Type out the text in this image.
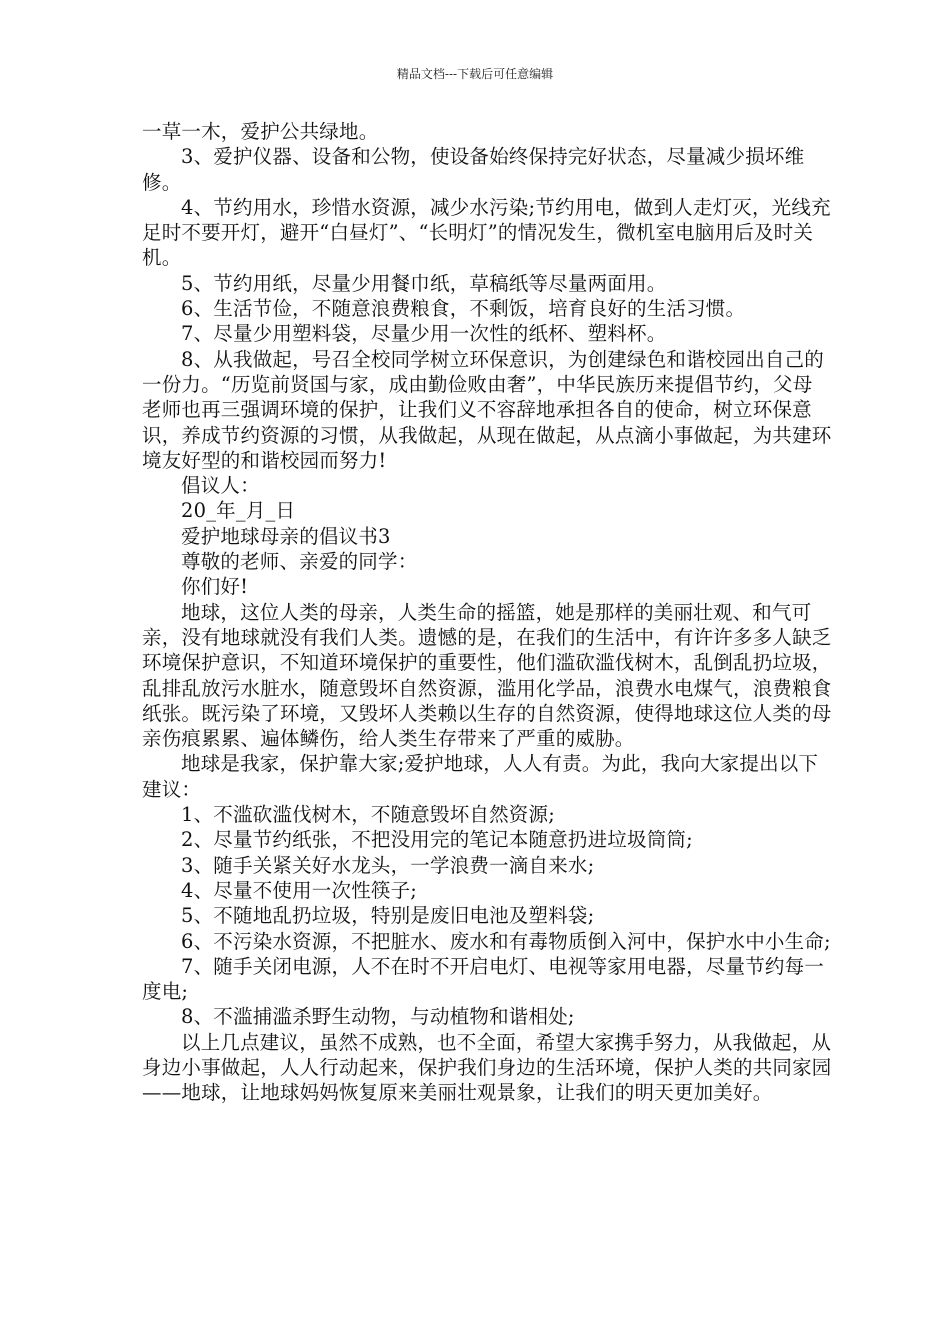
精品文档---下载后可任意编辑

一草一木，爱护公共绿地。

3、爱护仪器、设备和公物，使设备始终保持完好状态，尽量减少损坏维修。

4、节约用水，珍惜水资源，减少水污染;节约用电，做到人走灯灭，光线充足时不要开灯，避开“白昼灯”、“长明灯”的情况发生，微机室电脑用后及时关机。

5、节约用纸，尽量少用餐巾纸，草稿纸等尽量两面用。

6、生活节俭，不随意浪费粮食，不剩饭，培育良好的生活习惯。

7、尽量少用塑料袋，尽量少用一次性的纸杯、塑料杯。

8、从我做起，号召全校同学树立环保意识，为创建绿色和谐校园出自己的一份力。“历览前贤国与家，成由勤俭败由奢”，中华民族历来提倡节约，父母老师也再三强调环境的保护，让我们义不容辞地承担各自的使命，树立环保意识，养成节约资源的习惯，从我做起，从现在做起，从点滴小事做起，为共建环境友好型的和谐校园而努力!

倡议人：

20_年_月_日

爱护地球母亲的倡议书3

尊敬的老师、亲爱的同学：

你们好!

地球，这位人类的母亲，人类生命的摇篮，她是那样的美丽壮观、和气可亲，没有地球就没有我们人类。遗憾的是，在我们的生活中，有许许多多人缺乏环境保护意识，不知道环境保护的重要性，他们滥砍滥伐树木，乱倒乱扔垃圾，乱排乱放污水脏水，随意毁坏自然资源，滥用化学品，浪费水电煤气，浪费粮食纸张。既污染了环境，又毁坏人类赖以生存的自然资源，使得地球这位人类的母亲伤痕累累、遍体鳞伤，给人类生存带来了严重的威胁。

地球是我家，保护靠大家;爱护地球，人人有责。为此，我向大家提出以下建议：

1、不滥砍滥伐树木，不随意毁坏自然资源;

2、尽量节约纸张，不把没用完的笔记本随意扔进垃圾筒筒;

3、随手关紧关好水龙头，一学浪费一滴自来水;

4、尽量不使用一次性筷子;

5、不随地乱扔垃圾，特别是废旧电池及塑料袋;

6、不污染水资源，不把脏水、废水和有毒物质倒入河中，保护水中小生命;

7、随手关闭电源，人不在时不开启电灯、电视等家用电器，尽量节约每一度电;

8、不滥捕滥杀野生动物，与动植物和谐相处;

以上几点建议，虽然不成熟，也不全面，希望大家携手努力，从我做起，从身边小事做起，人人行动起来，保护我们身边的生活环境，保护人类的共同家园——地球，让地球妈妈恢复原来美丽壮观景象，让我们的明天更加美好。
